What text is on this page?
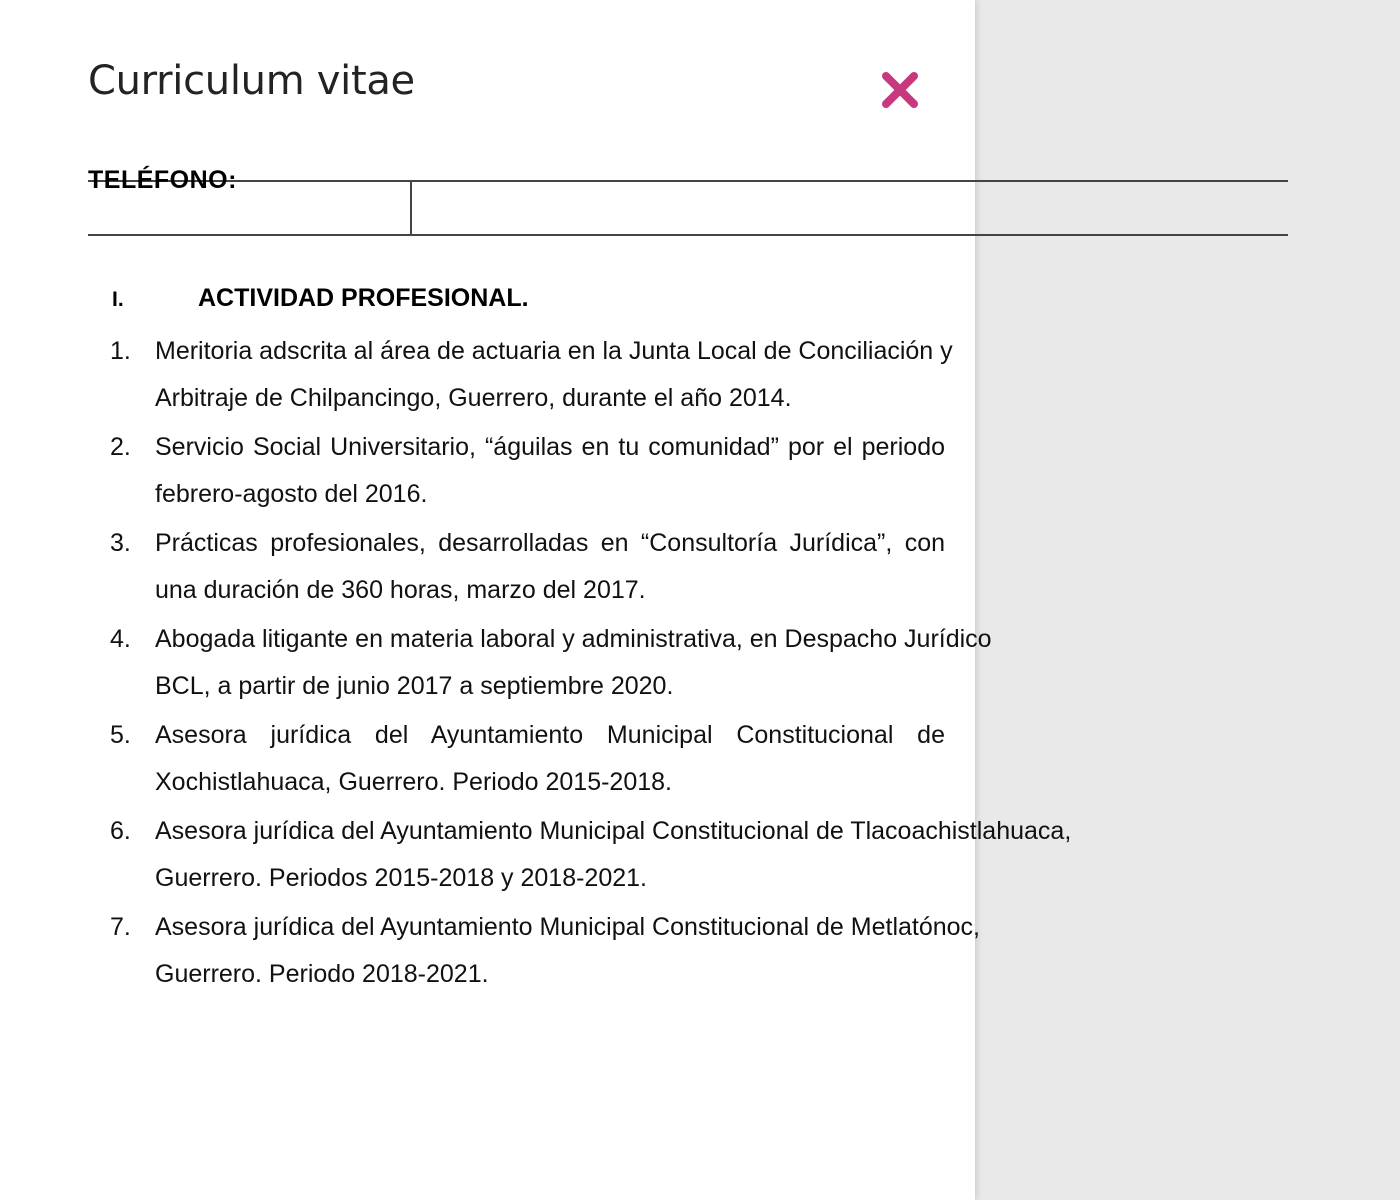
Curriculum vitae
TELÉFONO:
I.	ACTIVIDAD PROFESIONAL.
1. Meritoria adscrita al área de actuaria en la Junta Local de Conciliación y
Arbitraje de Chilpancingo, Guerrero, durante el año 2014.
2. Servicio Social Universitario, “águilas en tu comunidad” por el periodo
febrero-agosto del 2016.
3. Prácticas profesionales, desarrolladas en “Consultoría Jurídica”, con
una duración de 360 horas, marzo del 2017.
4. Abogada litigante en materia laboral y administrativa, en Despacho Jurídico
BCL, a partir de junio 2017 a septiembre 2020.
5. Asesora jurídica del Ayuntamiento Municipal Constitucional de
Xochistlahuaca, Guerrero. Periodo 2015-2018.
6. Asesora jurídica del Ayuntamiento Municipal Constitucional de Tlacoachistlahuaca,
Guerrero. Periodos 2015-2018 y 2018-2021.
7. Asesora jurídica del Ayuntamiento Municipal Constitucional de Metlatónoc,
Guerrero. Periodo 2018-2021.
